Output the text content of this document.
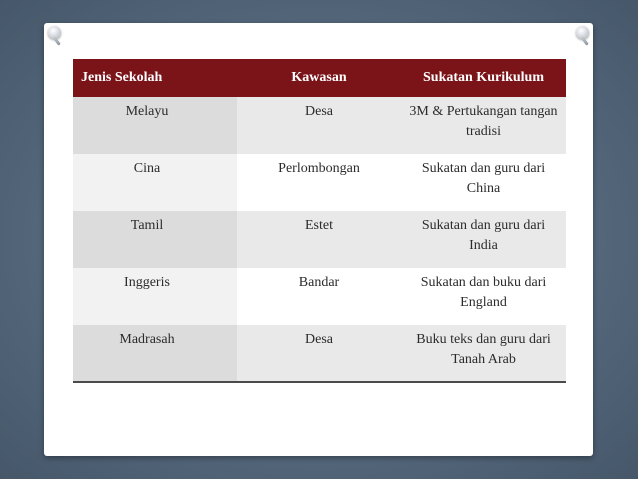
Jenis Sekolah	Kawasan	Sukatan Kurikulum
Melayu	Desa	3M & Pertukangan tangan tradisi
Cina	Perlombongan	Sukatan dan guru dari China
Tamil	Estet	Sukatan dan guru dari India
Inggeris	Bandar	Sukatan dan buku dari England
Madrasah	Desa	Buku teks dan guru dari Tanah Arab
